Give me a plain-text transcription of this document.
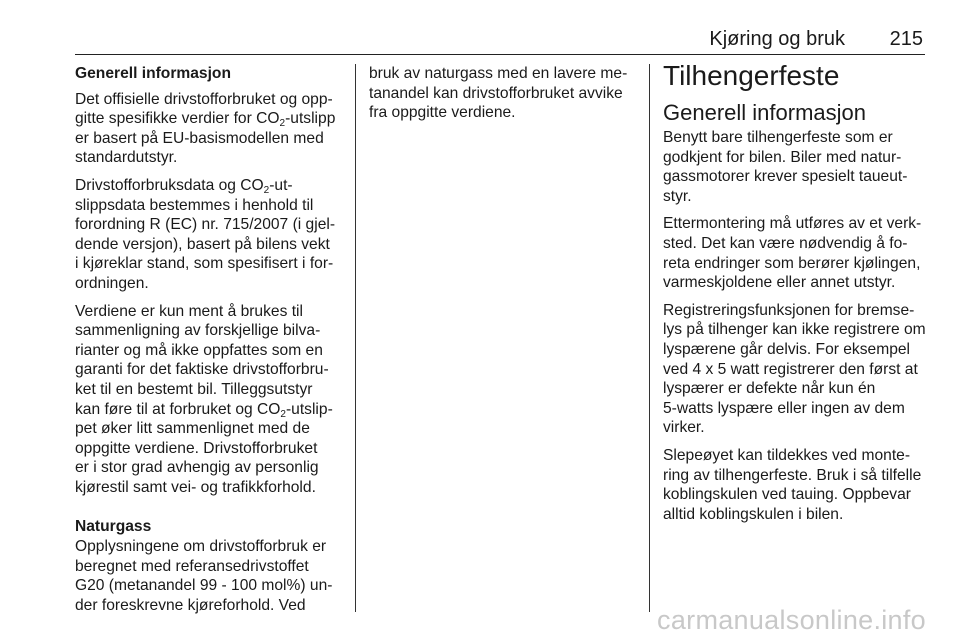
Kjøring og bruk 215
Generell informasjon

Det offisielle drivstofforbruket og opp-
gitte spesifikke verdier for $CO_2$-utslipp
er basert på EU-basismodellen med
standardutstyr.

Drivstofforbruksdata og $CO_2-ut-$
slippsdata bestemmes i henhold til
forordning R (EC) nr. 715/2007 (i gjel-
dende versjon), basert på bilens vekt
i kjøreklar stand, som spesifisert i for-
ordningen.

Verdiene er kun ment å brukes til
sammenligning av forskjellige bilva-
rianter og må ikke oppfattes som en
garanti for det faktiske drivstofforbru-
ket til en bestemt bil. Tilleggsutstyr
kan føre til at forbruket og $CO_2-utslip-$
pet øker litt sammenlignet med de
oppgitte verdiene. Drivstofforbruket
er i stor grad avhengig av personlig
kjørestil samt vei- og trafikkforhold.

Naturgass

Opplysningene om drivstofforbruk er
beregnet med referansedrivstoffet
G20 (metanandel 99 - 100 mol%) un-
der foreskrevne kjøreforhold. Ved

bruk av naturgass med en lavere me-
tanandel kan drivstofforbruket avvike
fra oppgitte verdiene.

Tilhengerfeste
Generell informasjon

Benytt bare tilhengerfeste som er
godkjent for bilen. Biler med natur-
gassmotorer krever spesielt taueut-
styr.

Ettermontering må utføres av et verk-
sted. Det kan være nødvendig å fo-
reta endringer som berører kjølingen,
varmeskjoldene eller annet utstyr.

Registreringsfunksjonen for bremse-
lys på tilhenger kan ikke registrere om
lyspærene går delvis. For eksempel
ved 4 x 5 watt registrerer den først at
lyspærer er defekte når kun én
5-watts lyspære eller ingen av dem
virker.

Slepeøyet kan tildekkes ved monte-
ring av tilhengerfeste. Bruk i så tilfelle
koblingskulen ved tauing. Oppbevar
alltid koblingskulen i bilen.

carmanualsonline.info
